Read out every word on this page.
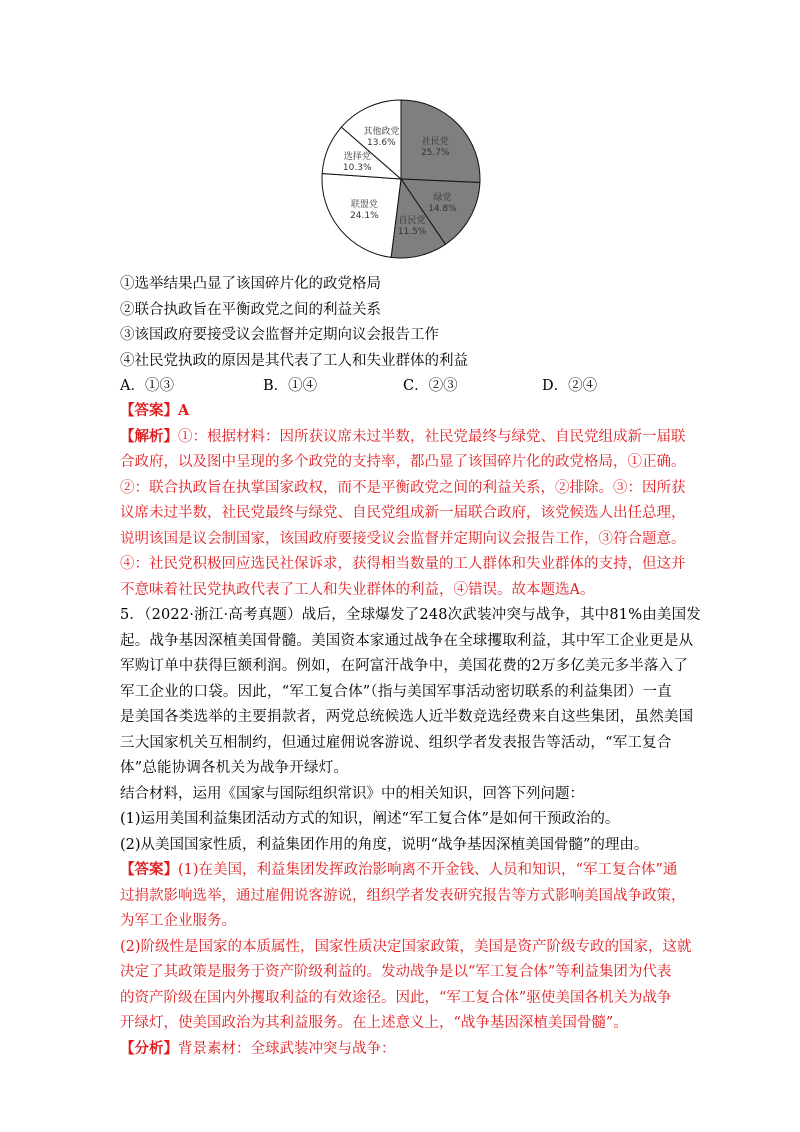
社民党
25.7%
绿党
14.8%
自民党
11.5%
联盟党
24.1%
选择党
10.3%
其他政党
13.6%
①选举结果凸显了该国碎片化的政党格局
②联合执政旨在平衡政党之间的利益关系
③该国政府要接受议会监督并定期向议会报告工作
④社民党执政的原因是其代表了工人和失业群体的利益
A．①③	B．①④	C．②③	D．②④
【答案】A
【解析】①：根据材料：因所获议席未过半数，社民党最终与绿党、自民党组成新一届联
合政府，以及图中呈现的多个政党的支持率，都凸显了该国碎片化的政党格局，①正确。
②：联合执政旨在执掌国家政权，而不是平衡政党之间的利益关系，②排除。③：因所获
议席未过半数，社民党最终与绿党、自民党组成新一届联合政府，该党候选人出任总理，
说明该国是议会制国家，该国政府要接受议会监督并定期向议会报告工作，③符合题意。
④：社民党积极回应选民社保诉求，获得相当数量的工人群体和失业群体的支持，但这并
不意味着社民党执政代表了工人和失业群体的利益，④错误。故本题选A。
5．（2022·浙江·高考真题）战后，全球爆发了248次武装冲突与战争，其中81%由美国发
起。战争基因深植美国骨髓。美国资本家通过战争在全球攫取利益，其中军工企业更是从
军购订单中获得巨额利润。例如，在阿富汗战争中，美国花费的2万多亿美元多半落入了
军工企业的口袋。因此，“军工复合体”（指与美国军事活动密切联系的利益集团）一直
是美国各类选举的主要捐款者，两党总统候选人近半数竞选经费来自这些集团，虽然美国
三大国家机关互相制约，但通过雇佣说客游说、组织学者发表报告等活动，“军工复合
体”总能协调各机关为战争开绿灯。
结合材料，运用《国家与国际组织常识》中的相关知识，回答下列问题：
(1)运用美国利益集团活动方式的知识，阐述“军工复合体”是如何干预政治的。
(2)从美国国家性质，利益集团作用的角度，说明“战争基因深植美国骨髓”的理由。
【答案】(1)在美国，利益集团发挥政治影响离不开金钱、人员和知识，“军工复合体”通
过捐款影响选举，通过雇佣说客游说，组织学者发表研究报告等方式影响美国战争政策，
为军工企业服务。
(2)阶级性是国家的本质属性，国家性质决定国家政策，美国是资产阶级专政的国家，这就
决定了其政策是服务于资产阶级利益的。发动战争是以“军工复合体”等利益集团为代表
的资产阶级在国内外攫取利益的有效途径。因此，“军工复合体”驱使美国各机关为战争
开绿灯，使美国政治为其利益服务。在上述意义上，“战争基因深植美国骨髓”。
【分析】背景素材：全球武装冲突与战争：
